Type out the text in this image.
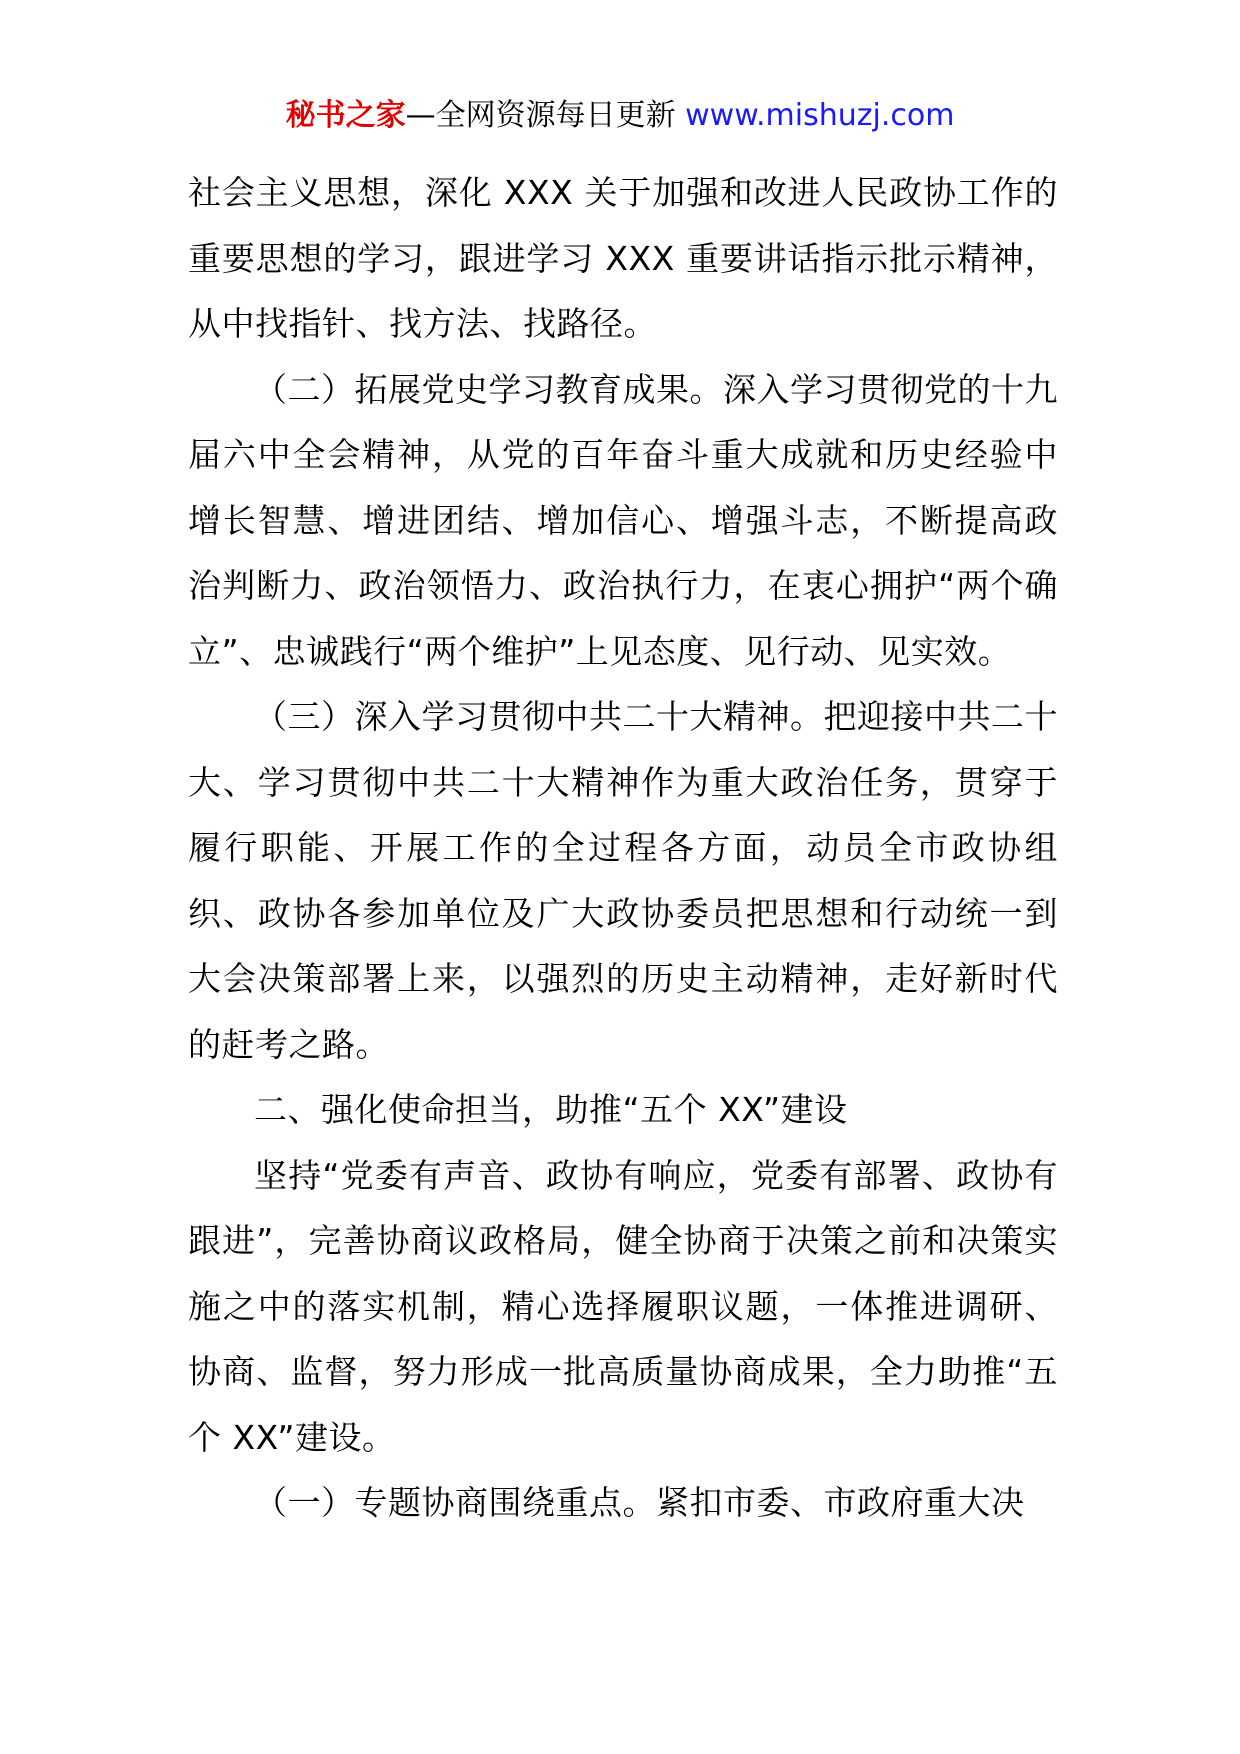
秘书之家—全网资源每日更新 www.mishuzj.com

社会主义思想，深化 XXX 关于加强和改进人民政协工作的重要思想的学习，跟进学习 XXX 重要讲话指示批示精神，从中找指针、找方法、找路径。

（二）拓展党史学习教育成果。深入学习贯彻党的十九届六中全会精神，从党的百年奋斗重大成就和历史经验中增长智慧、增进团结、增加信心、增强斗志，不断提高政治判断力、政治领悟力、政治执行力，在衷心拥护“两个确立”、忠诚践行“两个维护”上见态度、见行动、见实效。

（三）深入学习贯彻中共二十大精神。把迎接中共二十大、学习贯彻中共二十大精神作为重大政治任务，贯穿于履行职能、开展工作的全过程各方面，动员全市政协组织、政协各参加单位及广大政协委员把思想和行动统一到大会决策部署上来，以强烈的历史主动精神，走好新时代的赶考之路。

二、强化使命担当，助推“五个 XX”建设

坚持“党委有声音、政协有响应，党委有部署、政协有跟进”，完善协商议政格局，健全协商于决策之前和决策实施之中的落实机制，精心选择履职议题，一体推进调研、协商、监督，努力形成一批高质量协商成果，全力助推“五个 XX”建设。

（一）专题协商围绕重点。紧扣市委、市政府重大决
